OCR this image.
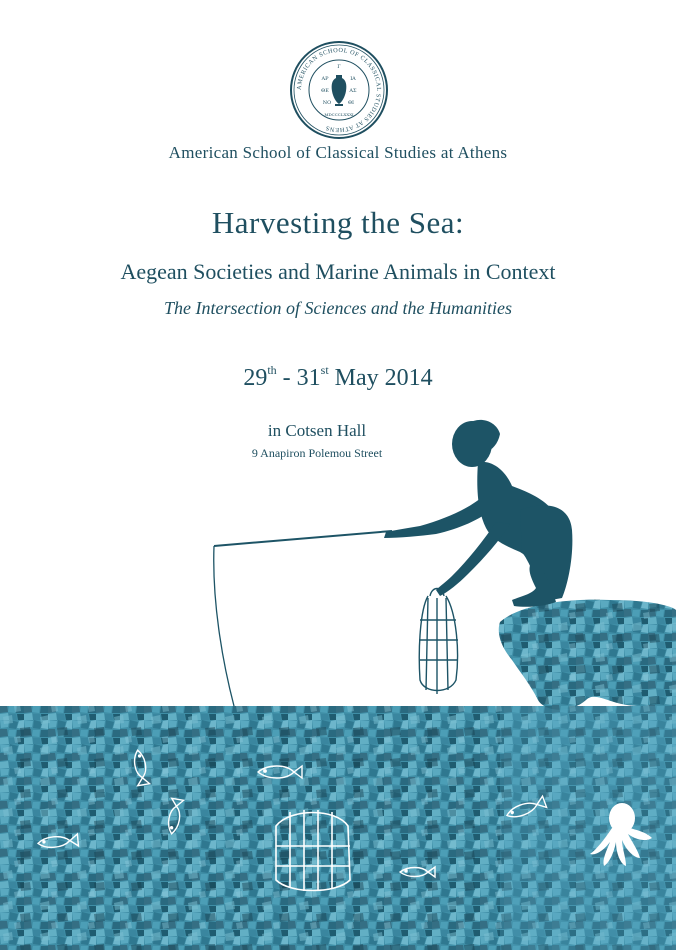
AMERICAN SCHOOL OF CLASSICAL STUDIES AT ATHENS
Γ
ΑΡ	ΙΑ
ΘΕ	ΑΣ
ΝΟ	ΘΙ
MDCCCLXXXI
American School of Classical Studies at Athens
Harvesting the Sea:
Aegean Societies and Marine Animals in Context
The Intersection of Sciences and the Humanities
29th - 31st May 2014
in Cotsen Hall
9 Anapiron Polemou Street
